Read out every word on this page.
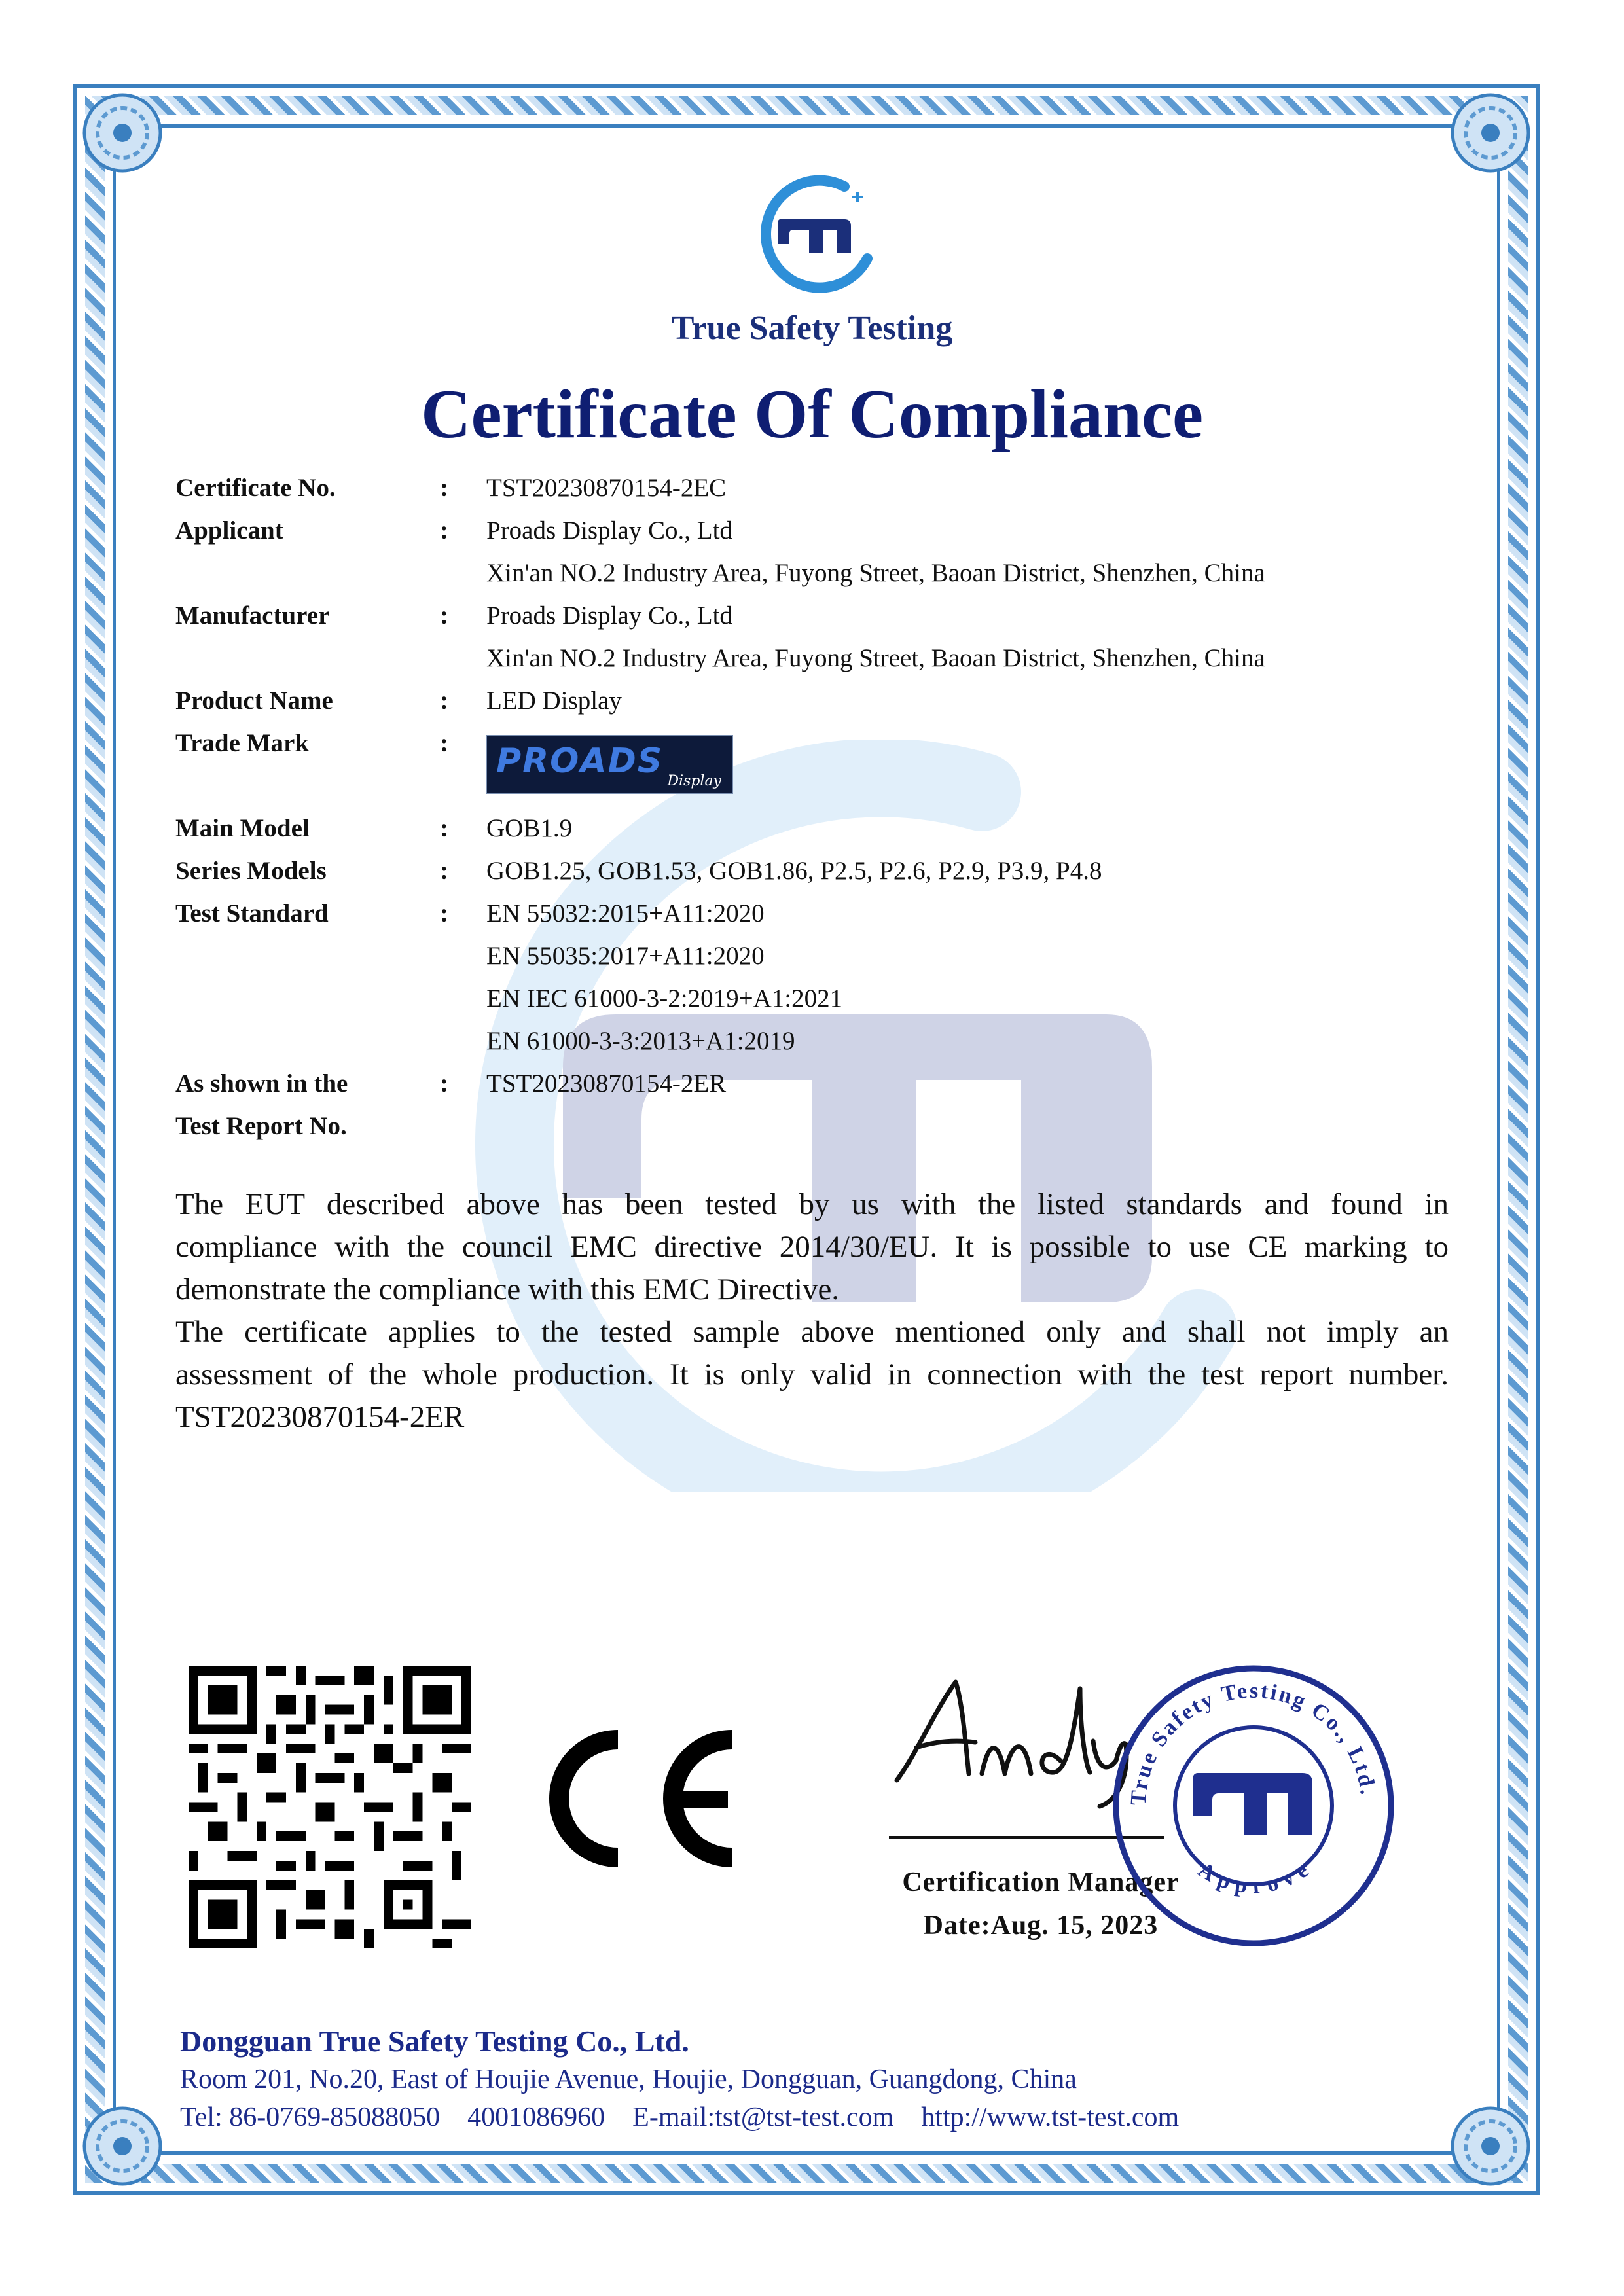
True Safety Testing
Certificate Of Compliance
Certificate No.	: TST20230870154-2EC
Applicant	: Proads Display Co., Ltd
Xin'an NO.2 Industry Area, Fuyong Street, Baoan District, Shenzhen, China
Manufacturer	: Proads Display Co., Ltd
Xin'an NO.2 Industry Area, Fuyong Street, Baoan District, Shenzhen, China
Product Name	: LED Display
Trade Mark	: PROADS
Display
Main Model	: GOB1.9
Series Models	: GOB1.25, GOB1.53, GOB1.86, P2.5, P2.6, P2.9, P3.9, P4.8
Test Standard	: EN 55032:2015+A11:2020
EN 55035:2017+A11:2020
EN IEC 61000-3-2:2019+A1:2021
EN 61000-3-3:2013+A1:2019
As shown in the
Test Report No.
: TST20230870154-2ER
The EUT described above has been tested by us with the listed standards and found in
compliance with the council EMC directive 2014/30/EU. It is possible to use CE marking to
demonstrate the compliance with this EMC Directive.
The certificate applies to the tested sample above mentioned only and shall not imply an
assessment of the whole production. It is only valid in connection with the test report number.
TST20230870154-2ER
Certification Manager
Date:Aug. 15, 2023
True Safety Testing Co., Ltd.
Approve
Dongguan True Safety Testing Co., Ltd.
Room 201, No.20, East of Houjie Avenue, Houjie, Dongguan, Guangdong, China
Tel: 86-0769-85088050    4001086960    E-mail:tst@tst-test.com    http://www.tst-test.com
